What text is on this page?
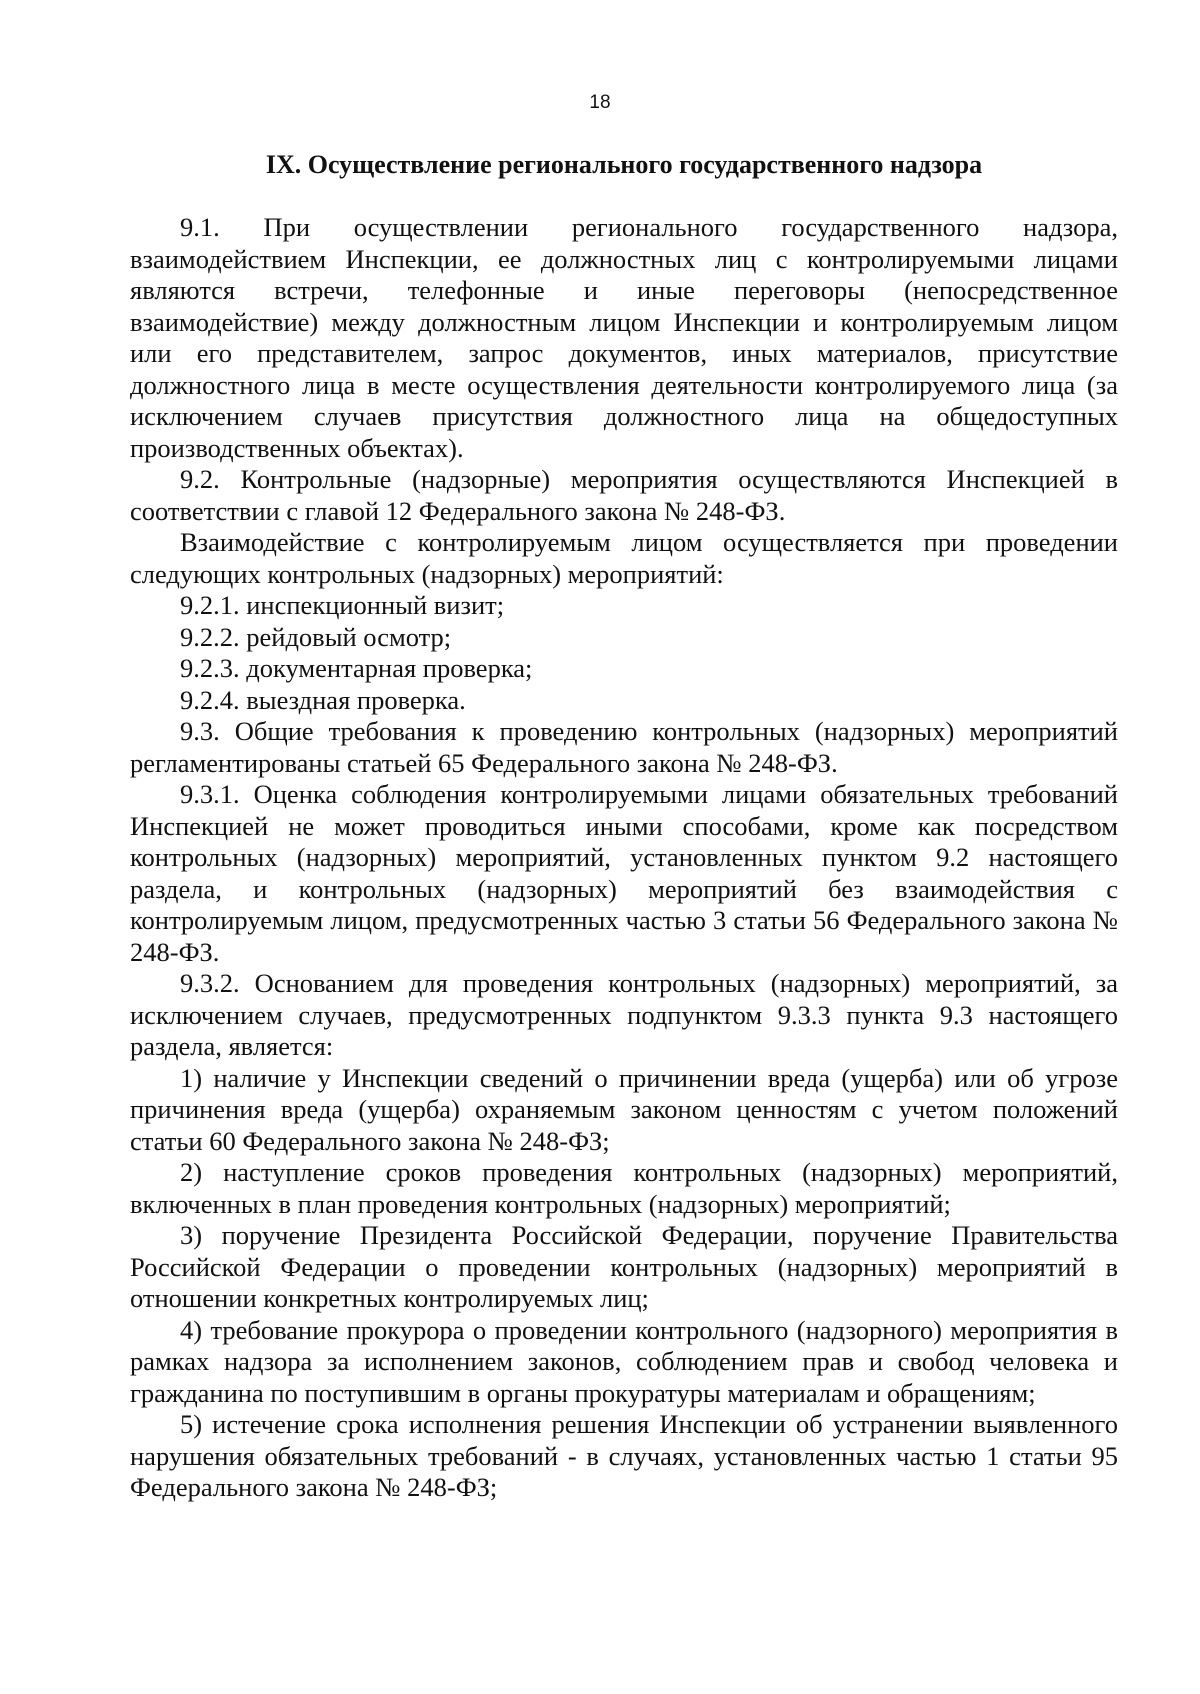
18

IX. Осуществление регионального государственного надзора

9.1. При осуществлении регионального государственного надзора, взаимодействием Инспекции, ее должностных лиц с контролируемыми лицами являются встречи, телефонные и иные переговоры (непосредственное взаимодействие) между должностным лицом Инспекции и контролируемым лицом или его представителем, запрос документов, иных материалов, присутствие должностного лица в месте осуществления деятельности контролируемого лица (за исключением случаев присутствия должностного лица на общедоступных производственных объектах).

9.2. Контрольные (надзорные) мероприятия осуществляются Инспекцией в соответствии с главой 12 Федерального закона № 248-ФЗ.

Взаимодействие с контролируемым лицом осуществляется при проведении следующих контрольных (надзорных) мероприятий:

9.2.1. инспекционный визит;

9.2.2. рейдовый осмотр;

9.2.3. документарная проверка;

9.2.4. выездная проверка.

9.3. Общие требования к проведению контрольных (надзорных) мероприятий регламентированы статьей 65 Федерального закона № 248-ФЗ.

9.3.1. Оценка соблюдения контролируемыми лицами обязательных требований Инспекцией не может проводиться иными способами, кроме как посредством контрольных (надзорных) мероприятий, установленных пунктом 9.2 настоящего раздела, и контрольных (надзорных) мероприятий без взаимодействия с контролируемым лицом, предусмотренных частью 3 статьи 56 Федерального закона № 248-ФЗ.

9.3.2. Основанием для проведения контрольных (надзорных) мероприятий, за исключением случаев, предусмотренных подпунктом 9.3.3 пункта 9.3 настоящего раздела, является:

1) наличие у Инспекции сведений о причинении вреда (ущерба) или об угрозе причинения вреда (ущерба) охраняемым законом ценностям с учетом положений статьи 60 Федерального закона № 248-ФЗ;

2) наступление сроков проведения контрольных (надзорных) мероприятий, включенных в план проведения контрольных (надзорных) мероприятий;

3) поручение Президента Российской Федерации, поручение Правительства Российской Федерации о проведении контрольных (надзорных) мероприятий в отношении конкретных контролируемых лиц;

4) требование прокурора о проведении контрольного (надзорного) мероприятия в рамках надзора за исполнением законов, соблюдением прав и свобод человека и гражданина по поступившим в органы прокуратуры материалам и обращениям;

5) истечение срока исполнения решения Инспекции об устранении выявленного нарушения обязательных требований - в случаях, установленных частью 1 статьи 95 Федерального закона № 248-ФЗ;
